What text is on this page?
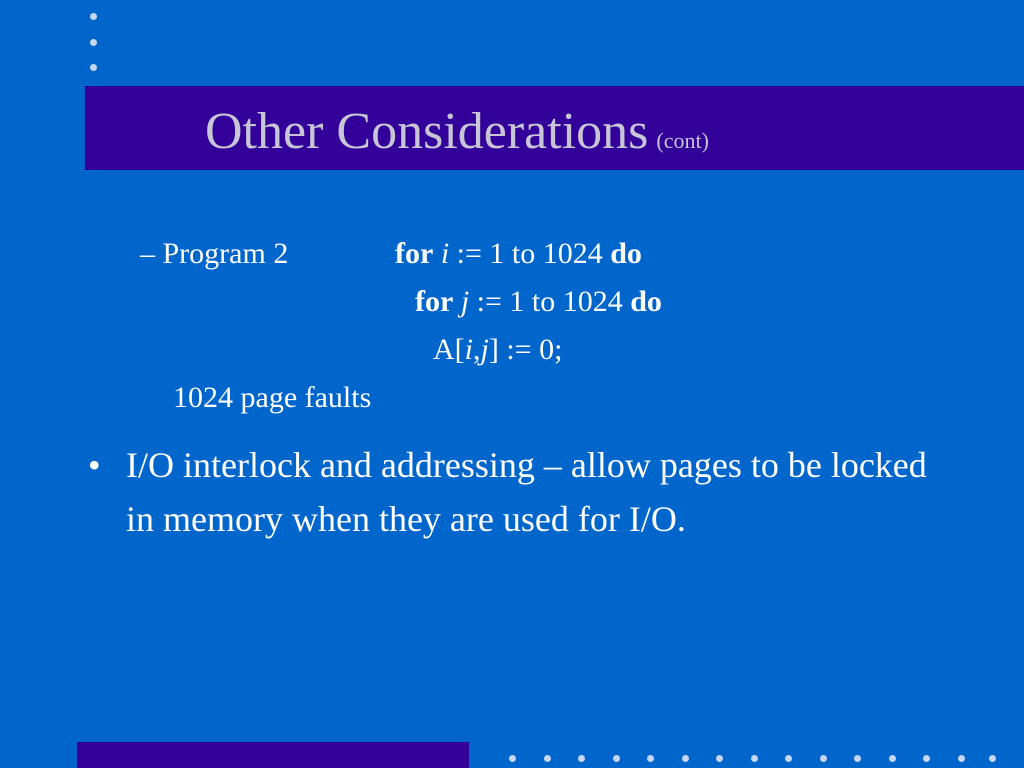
Other Considerations (cont)
– Program 2	for i := 1 to 1024 do
for j := 1 to 1024 do
A[i,j] := 0;
1024 page faults
• I/O interlock and addressing – allow pages to be locked in memory when they are used for I/O.
